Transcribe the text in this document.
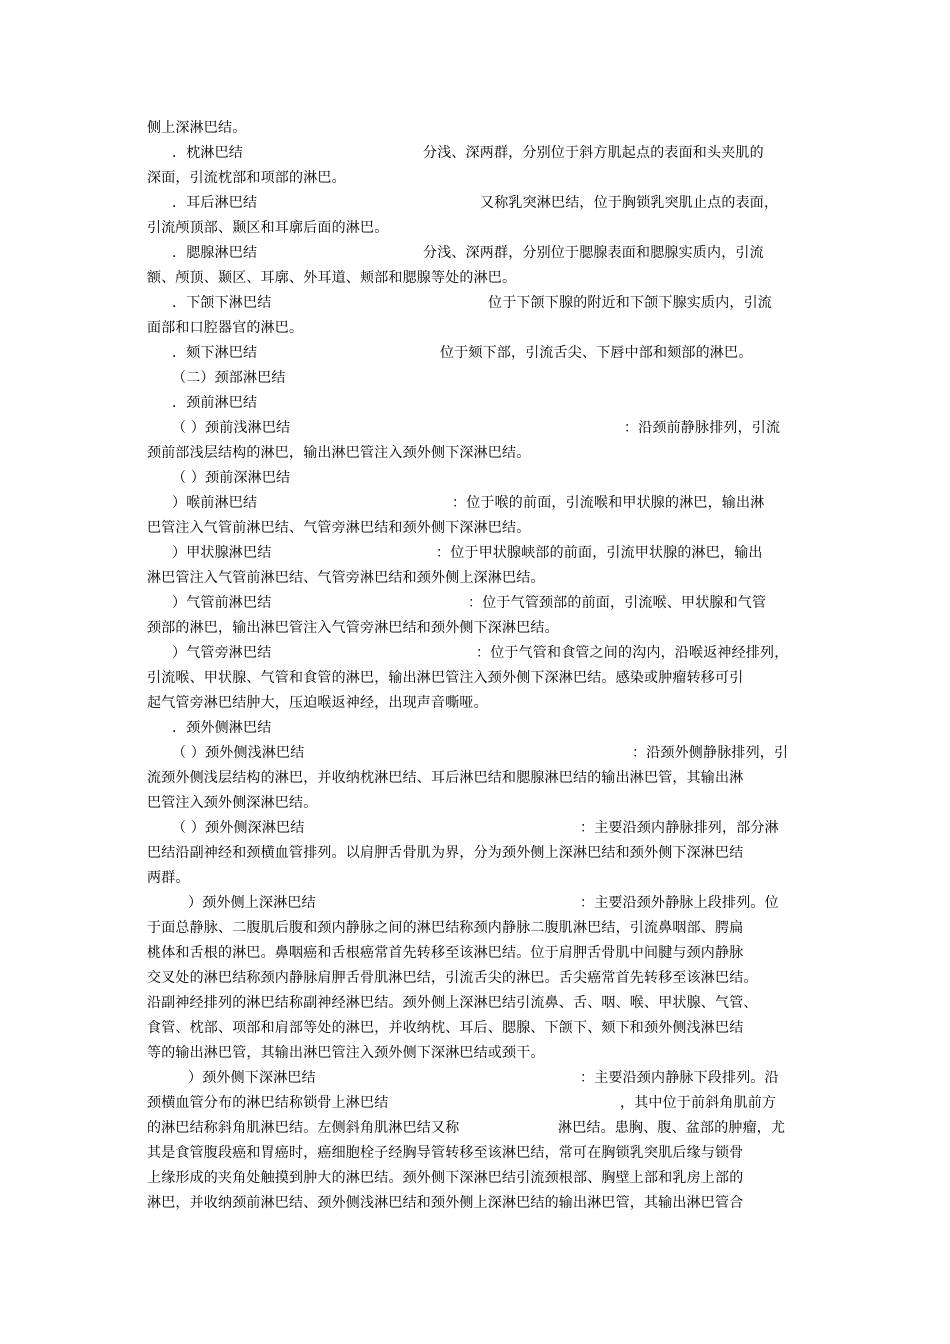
侧上深淋巴结。
．枕淋巴结	分浅、深两群，分别位于斜方肌起点的表面和头夹肌的
深面，引流枕部和项部的淋巴。
．耳后淋巴结	又称乳突淋巴结，位于胸锁乳突肌止点的表面，
引流颅顶部、颞区和耳廓后面的淋巴。
．腮腺淋巴结	分浅、深两群，分别位于腮腺表面和腮腺实质内，引流
额、颅顶、颞区、耳廓、外耳道、颊部和腮腺等处的淋巴。
．下颌下淋巴结	位于下颌下腺的附近和下颌下腺实质内，引流
面部和口腔器官的淋巴。
．颏下淋巴结	位于颏下部，引流舌尖、下唇中部和颏部的淋巴。
（二）颈部淋巴结
．颈前淋巴结
（ ）颈前浅淋巴结	：沿颈前静脉排列，引流
颈前部浅层结构的淋巴，输出淋巴管注入颈外侧下深淋巴结。
（ ）颈前深淋巴结
）喉前淋巴结	：位于喉的前面，引流喉和甲状腺的淋巴，输出淋
巴管注入气管前淋巴结、气管旁淋巴结和颈外侧下深淋巴结。
）甲状腺淋巴结	：位于甲状腺峡部的前面，引流甲状腺的淋巴，输出
淋巴管注入气管前淋巴结、气管旁淋巴结和颈外侧上深淋巴结。
）气管前淋巴结	：位于气管颈部的前面，引流喉、甲状腺和气管
颈部的淋巴，输出淋巴管注入气管旁淋巴结和颈外侧下深淋巴结。
）气管旁淋巴结	：位于气管和食管之间的沟内，沿喉返神经排列，
引流喉、甲状腺、气管和食管的淋巴，输出淋巴管注入颈外侧下深淋巴结。感染或肿瘤转移可引
起气管旁淋巴结肿大，压迫喉返神经，出现声音嘶哑。
．颈外侧淋巴结
（ ）颈外侧浅淋巴结	：沿颈外侧静脉排列，引
流颈外侧浅层结构的淋巴，并收纳枕淋巴结、耳后淋巴结和腮腺淋巴结的输出淋巴管，其输出淋
巴管注入颈外侧深淋巴结。
（ ）颈外侧深淋巴结	：主要沿颈内静脉排列，部分淋
巴结沿副神经和颈横血管排列。以肩胛舌骨肌为界，分为颈外侧上深淋巴结和颈外侧下深淋巴结
两群。
）颈外侧上深淋巴结	：主要沿颈外静脉上段排列。位
于面总静脉、二腹肌后腹和颈内静脉之间的淋巴结称颈内静脉二腹肌淋巴结，引流鼻咽部、腭扁
桃体和舌根的淋巴。鼻咽癌和舌根癌常首先转移至该淋巴结。位于肩胛舌骨肌中间腱与颈内静脉
交叉处的淋巴结称颈内静脉肩胛舌骨肌淋巴结，引流舌尖的淋巴。舌尖癌常首先转移至该淋巴结。
沿副神经排列的淋巴结称副神经淋巴结。颈外侧上深淋巴结引流鼻、舌、咽、喉、甲状腺、气管、
食管、枕部、项部和肩部等处的淋巴，并收纳枕、耳后、腮腺、下颌下、颏下和颈外侧浅淋巴结
等的输出淋巴管，其输出淋巴管注入颈外侧下深淋巴结或颈干。
）颈外侧下深淋巴结	：主要沿颈内静脉下段排列。沿
颈横血管分布的淋巴结称锁骨上淋巴结	，其中位于前斜角肌前方
的淋巴结称斜角肌淋巴结。左侧斜角肌淋巴结又称	淋巴结。患胸、腹、盆部的肿瘤，尤
其是食管腹段癌和胃癌时，癌细胞栓子经胸导管转移至该淋巴结，常可在胸锁乳突肌后缘与锁骨
上缘形成的夹角处触摸到肿大的淋巴结。颈外侧下深淋巴结引流颈根部、胸壁上部和乳房上部的
淋巴，并收纳颈前淋巴结、颈外侧浅淋巴结和颈外侧上深淋巴结的输出淋巴管，其输出淋巴管合
